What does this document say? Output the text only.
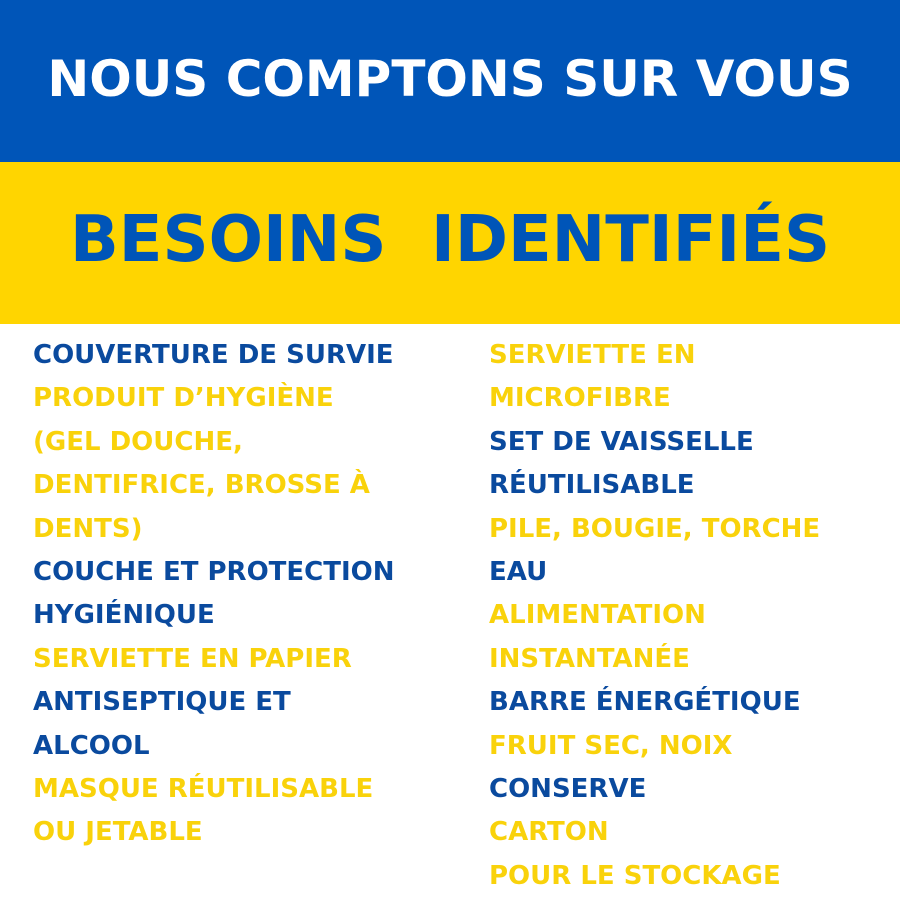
NOUS COMPTONS SUR VOUS
BESOINS  IDENTIFIÉS
COUVERTURE DE SURVIE
PRODUIT D’HYGIÈNE
(GEL DOUCHE,
DENTIFRICE, BROSSE À
DENTS)
COUCHE ET PROTECTION
HYGIÉNIQUE
SERVIETTE EN PAPIER
ANTISEPTIQUE ET
ALCOOL
MASQUE RÉUTILISABLE
OU JETABLE
SERVIETTE EN
MICROFIBRE
SET DE VAISSELLE
RÉUTILISABLE
PILE, BOUGIE, TORCHE
EAU
ALIMENTATION
INSTANTANÉE
BARRE ÉNERGÉTIQUE
FRUIT SEC, NOIX
CONSERVE
CARTON
POUR LE STOCKAGE
